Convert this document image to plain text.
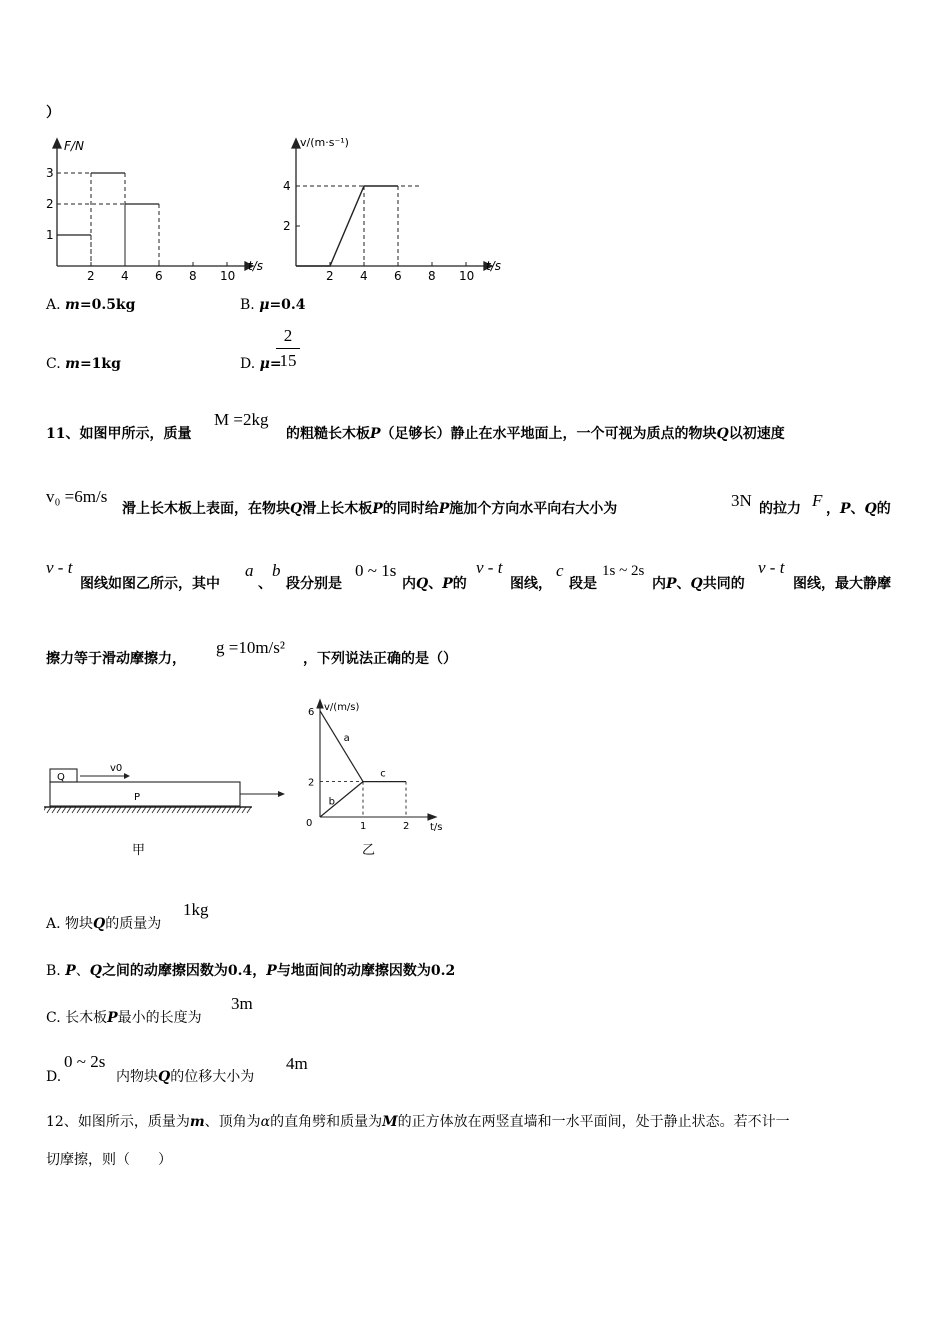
）
F/N
t/s
2 4 6 8 10
1
2
3
v/(m·s⁻¹)
t/s
2 4 6 8 10
2
4
A. m=0.5kg	B. μ=0.4
C. m=1kg	D. μ=
2
15
11、如图甲所示，质量
M =2kg
的粗糙长木板P（足够长）静止在水平地面上，一个可视为质点的物块Q以初速度
v₀ =6m/s
滑上长木板上表面，在物块Q滑上长木板P的同时给P施加个方向水平向右大小为	3N 的拉力 F ，P、Q的
v - t
图线如图乙所示，其中
a
、
b
段分别是
0 ~ 1s
内Q、P的
v - t
图线，
c
段是
1s ~ 2s
内P、Q共同的
v - t
图线，最大静摩
擦力等于滑动摩擦力，
g =10m/s²
，下列说法正确的是（）
Q
P
v0
甲
a
b
c
v/(m/s)
t/s
0	1	2
2
6
乙
A. 物块Q的质量为
1kg
B. P、Q之间的动摩擦因数为0.4，P与地面间的动摩擦因数为0.2
C. 长木板P最小的长度为
3m
D.
0 ~ 2s
内物块Q的位移大小为
4m
12、如图所示，质量为m、顶角为α的直角劈和质量为M的正方体放在两竖直墙和一水平面间，处于静止状态。若不计一
切摩擦，则（　　）
